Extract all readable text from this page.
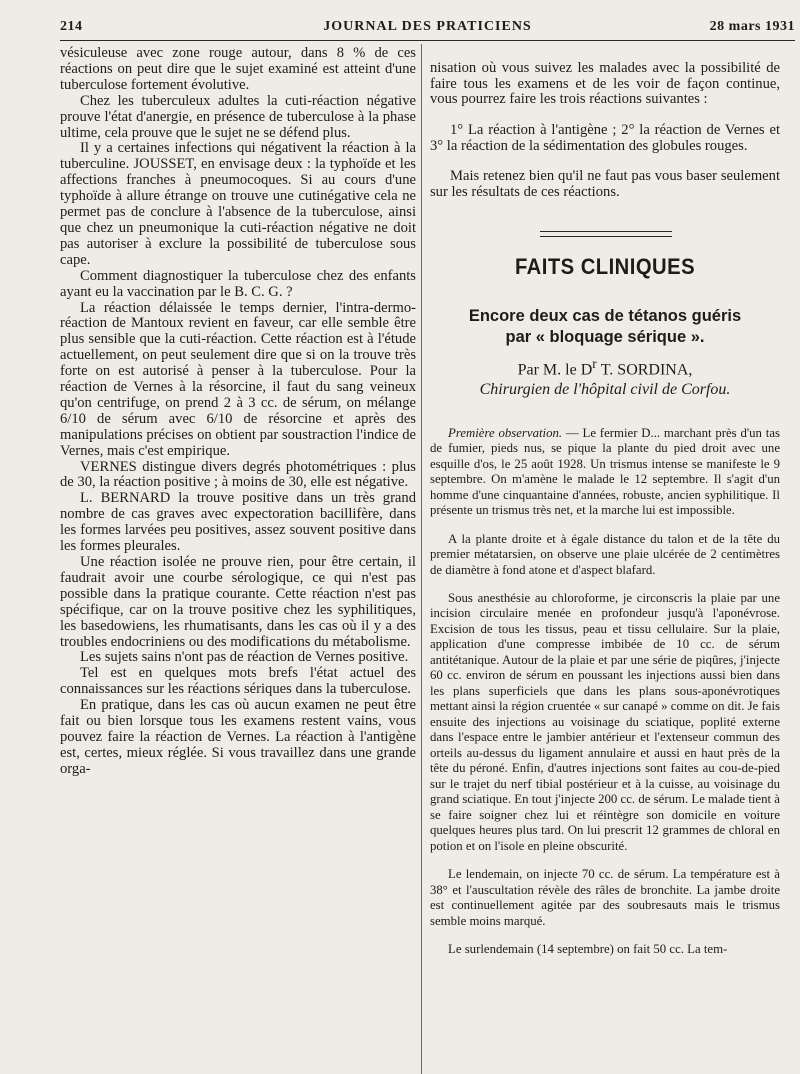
214	JOURNAL DES PRATICIENS	28 mars 1931

vésiculeuse avec zone rouge autour, dans 8 % de ces réactions on peut dire que le sujet examiné est atteint d'une tuberculose fortement évolutive.

Chez les tuberculeux adultes la cuti-réaction négative prouve l'état d'anergie, en présence de tuberculose à la phase ultime, cela prouve que le sujet ne se défend plus.

Il y a certaines infections qui négativent la réaction à la tuberculine. JOUSSET, en envisage deux : la typhoïde et les affections franches à pneumocoques. Si au cours d'une typhoïde à allure étrange on trouve une cutinégative cela ne permet pas de conclure à l'absence de la tuberculose, ainsi que chez un pneumonique la cuti-réaction négative ne doit pas autoriser à exclure la possibilité de tuberculose sous cape.

Comment diagnostiquer la tuberculose chez des enfants ayant eu la vaccination par le B. C. G. ?

La réaction délaissée le temps dernier, l'intra-dermo-réaction de Mantoux revient en faveur, car elle semble être plus sensible que la cuti-réaction. Cette réaction est à l'étude actuellement, on peut seulement dire que si on la trouve très forte on est autorisé à penser à la tuberculose. Pour la réaction de Vernes à la résorcine, il faut du sang veineux qu'on centrifuge, on prend 2 à 3 cc. de sérum, on mélange 6/10 de sérum avec 6/10 de résorcine et après des manipulations précises on obtient par soustraction l'indice de Vernes, mais c'est empirique.

VERNES distingue divers degrés photométriques : plus de 30, la réaction positive ; à moins de 30, elle est négative.

L. BERNARD la trouve positive dans un très grand nombre de cas graves avec expectoration bacillifère, dans les formes larvées peu positives, assez souvent positive dans les formes pleurales.

Une réaction isolée ne prouve rien, pour être certain, il faudrait avoir une courbe sérologique, ce qui n'est pas possible dans la pratique courante. Cette réaction n'est pas spécifique, car on la trouve positive chez les syphilitiques, les basedowiens, les rhumatisants, dans les cas où il y a des troubles endocriniens ou des modifications du métabolisme.

Les sujets sains n'ont pas de réaction de Vernes positive.

Tel est en quelques mots brefs l'état actuel des connaissances sur les réactions sériques dans la tuberculose.

En pratique, dans les cas où aucun examen ne peut être fait ou bien lorsque tous les examens restent vains, vous pouvez faire la réaction de Vernes. La réaction à l'antigène est, certes, mieux réglée. Si vous travaillez dans une grande orga-

nisation où vous suivez les malades avec la possibilité de faire tous les examens et de les voir de façon continue, vous pourrez faire les trois réactions suivantes :

1° La réaction à l'antigène ; 2° la réaction de Vernes et 3° la réaction de la sédimentation des globules rouges.

Mais retenez bien qu'il ne faut pas vous baser seulement sur les résultats de ces réactions.

FAITS CLINIQUES
Encore deux cas de tétanos guéris
par « bloquage sérique ».
Par M. le $D^r$ T. SORDINA,
Chirurgien de l'hôpital civil de Corfou.

Première observation. — Le fermier D... marchant près d'un tas de fumier, pieds nus, se pique la plante du pied droit avec une esquille d'os, le 25 août 1928. Un trismus intense se manifeste le 9 septembre. On m'amène le malade le 12 septembre. Il s'agit d'un homme d'une cinquantaine d'années, robuste, ancien syphilitique. Il présente un trismus très net, et la marche lui est impossible.

A la plante droite et à égale distance du talon et de la tête du premier métatarsien, on observe une plaie ulcérée de 2 centimètres de diamètre à fond atone et d'aspect blafard.

Sous anesthésie au chloroforme, je circonscris la plaie par une incision circulaire menée en profondeur jusqu'à l'aponévrose. Excision de tous les tissus, peau et tissu cellulaire. Sur la plaie, application d'une compresse imbibée de 10 cc. de sérum antitétanique. Autour de la plaie et par une série de piqûres, j'injecte 60 cc. environ de sérum en poussant les injections aussi bien dans les plans superficiels que dans les plans sous-aponévrotiques mettant ainsi la région cruentée « sur canapé » comme on dit. Je fais ensuite des injections au voisinage du sciatique, poplité externe dans l'espace entre le jambier antérieur et l'extenseur commun des orteils au-dessus du ligament annulaire et aussi en haut près de la tête du péroné. Enfin, d'autres injections sont faites au cou-de-pied sur le trajet du nerf tibial postérieur et à la cuisse, au voisinage du grand sciatique. En tout j'injecte 200 cc. de sérum. Le malade tient à se faire soigner chez lui et réintègre son domicile en voiture quelques heures plus tard. On lui prescrit 12 grammes de chloral en potion et on l'isole en pleine obscurité.

Le lendemain, on injecte 70 cc. de sérum. La température est à 38° et l'auscultation révèle des râles de bronchite. La jambe droite est continuellement agitée par des soubresauts mais le trismus semble moins marqué.

Le surlendemain (14 septembre) on fait 50 cc. La tem-
